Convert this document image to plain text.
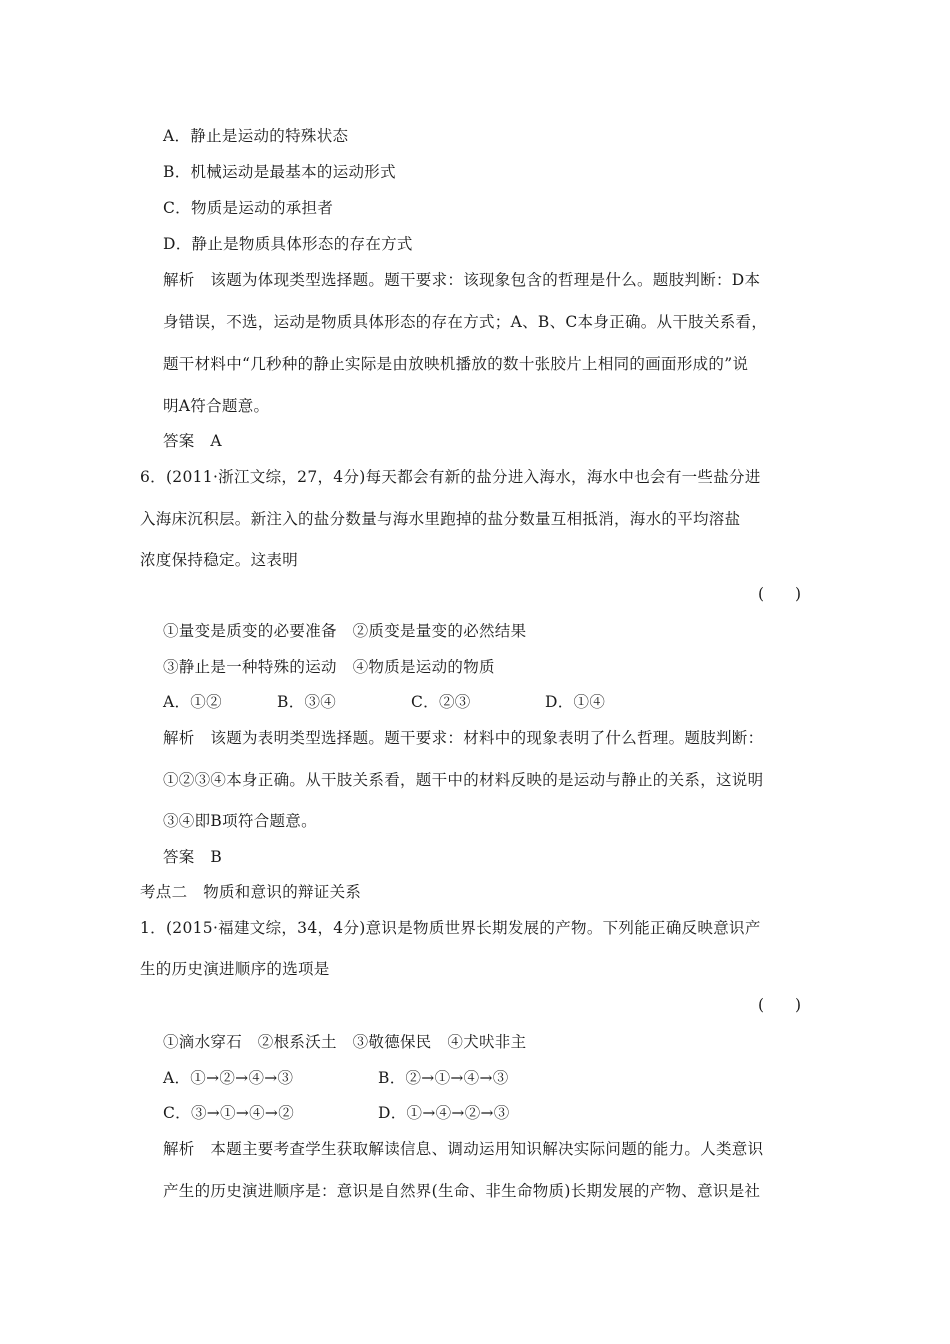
A．静止是运动的特殊状态
B．机械运动是最基本的运动形式
C．物质是运动的承担者
D．静止是物质具体形态的存在方式
解析　该题为体现类型选择题。题干要求：该现象包含的哲理是什么。题肢判断：D本
身错误，不选，运动是物质具体形态的存在方式；A、B、C本身正确。从干肢关系看，
题干材料中“几秒种的静止实际是由放映机播放的数十张胶片上相同的画面形成的”说
明A符合题意。
答案　A
6．(2011·浙江文综，27，4分)每天都会有新的盐分进入海水，海水中也会有一些盐分进
入海床沉积层。新注入的盐分数量与海水里跑掉的盐分数量互相抵消，海水的平均溶盐
浓度保持稳定。这表明
(　　)
①量变是质变的必要准备　②质变是量变的必然结果
③静止是一种特殊的运动　④物质是运动的物质
A．①②	B．③④	C．②③	D．①④
解析　该题为表明类型选择题。题干要求：材料中的现象表明了什么哲理。题肢判断：
①②③④本身正确。从干肢关系看，题干中的材料反映的是运动与静止的关系，这说明
③④即B项符合题意。
答案　B
考点二　物质和意识的辩证关系
1．(2015·福建文综，34，4分)意识是物质世界长期发展的产物。下列能正确反映意识产
生的历史演进顺序的选项是
(　　)
①滴水穿石　②根系沃土　③敬德保民　④犬吠非主
A．①→②→④→③	B．②→①→④→③
C．③→①→④→②	D．①→④→②→③
解析　本题主要考查学生获取解读信息、调动运用知识解决实际问题的能力。人类意识
产生的历史演进顺序是：意识是自然界(生命、非生命物质)长期发展的产物、意识是社
